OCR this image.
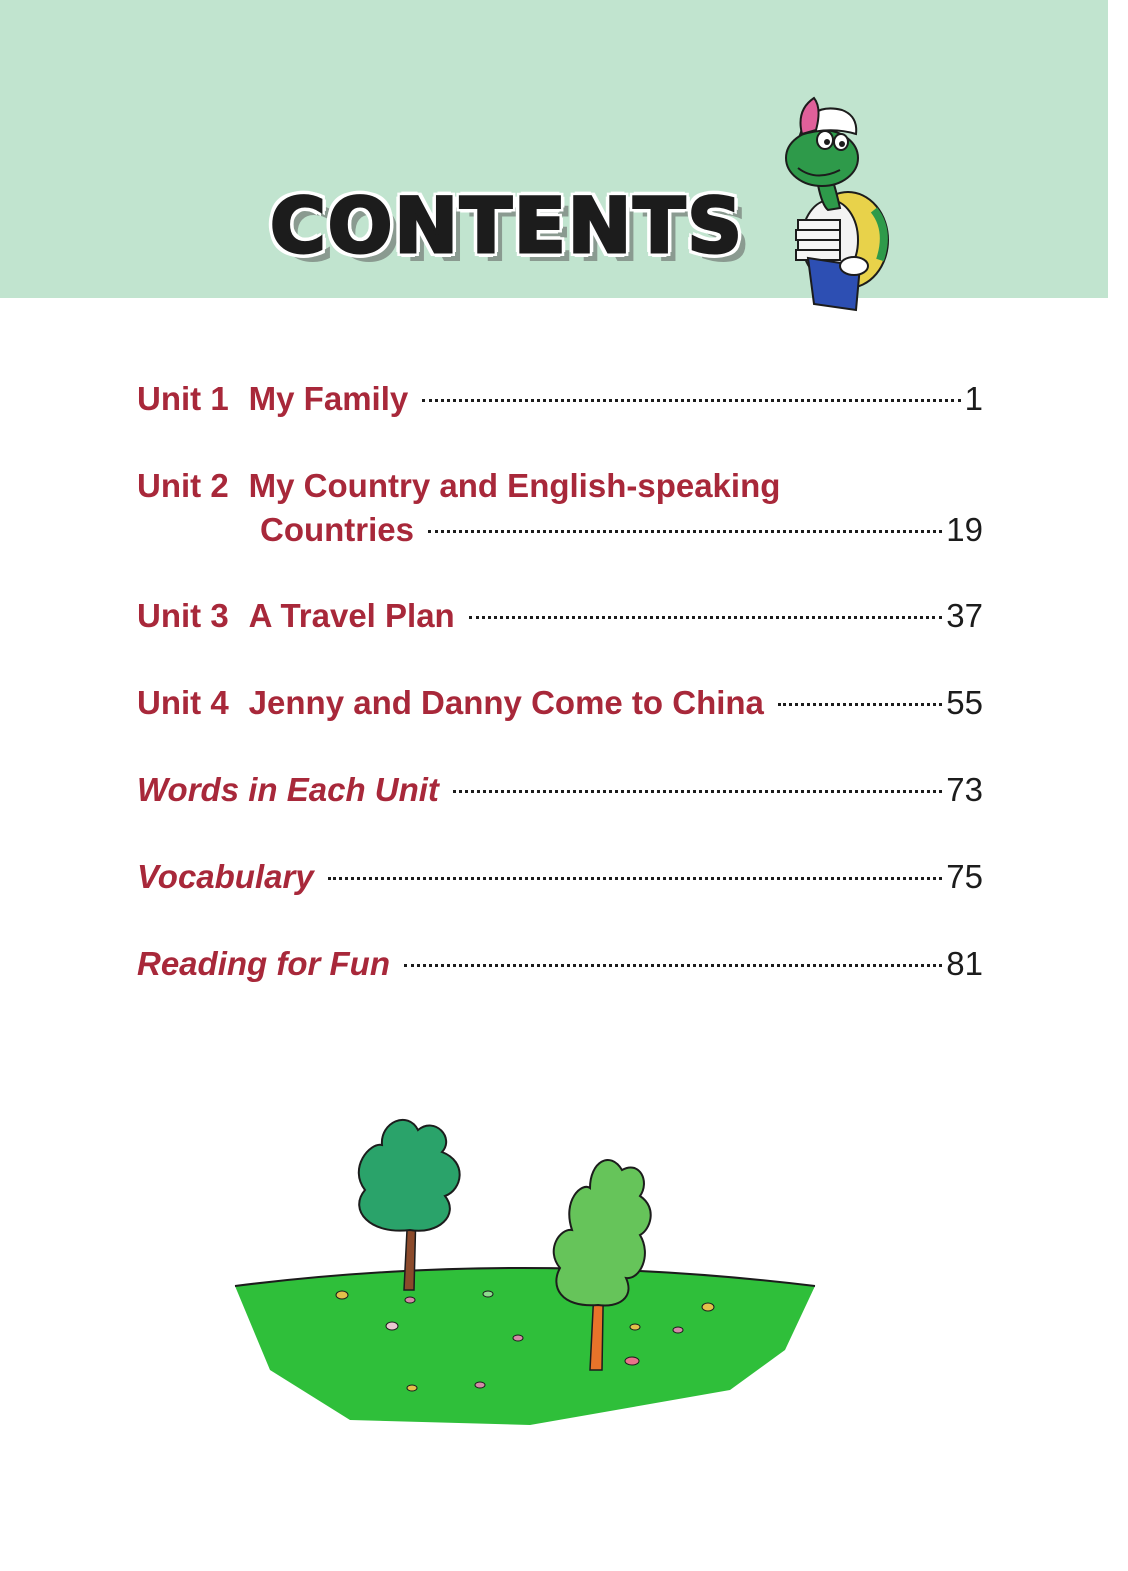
CONTENTS
Unit 1 My Family	1
Unit 2 My Country and English-speaking
Countries	19
Unit 3 A Travel Plan	37
Unit 4 Jenny and Danny Come to China	55
Words in Each Unit	73
Vocabulary	75
Reading for Fun	81
